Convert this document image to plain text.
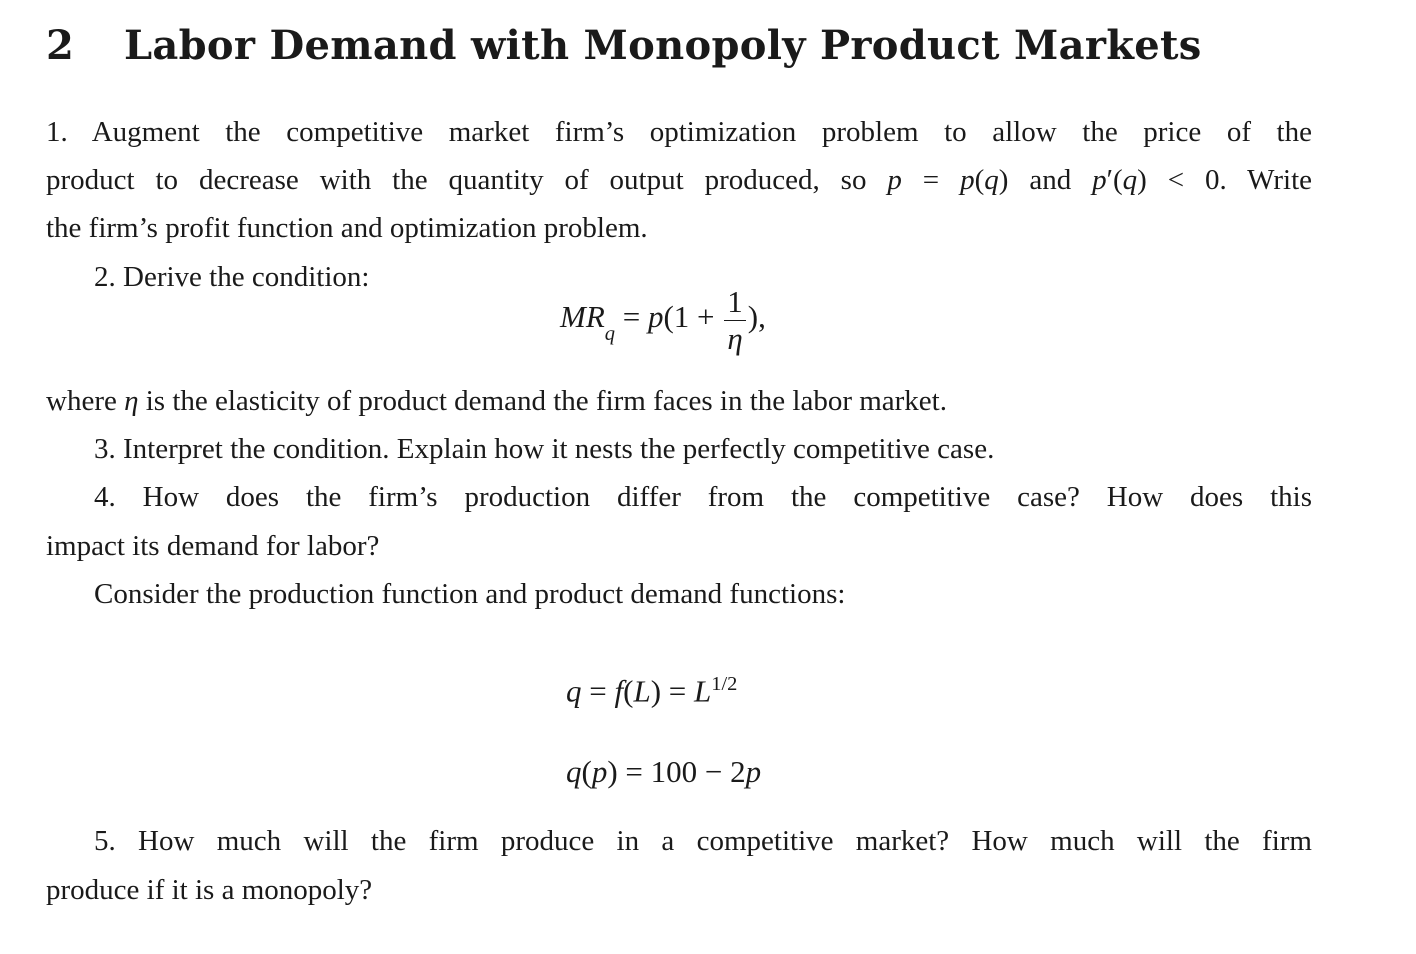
2 Labor Demand with Monopoly Product Markets

1. Augment the competitive market firm’s optimization problem to allow the price of the

product to decrease with the quantity of output produced, so p = p(q) and p′(q) < 0. Write

the firm’s profit function and optimization problem.

2. Derive the condition:

$MR_q = p(1 + \frac{1}{\eta}$ ),

where η is the elasticity of product demand the firm faces in the labor market.

3. Interpret the condition. Explain how it nests the perfectly competitive case.

4. How does the firm’s production differ from the competitive case? How does this

impact its demand for labor?

Consider the production function and product demand functions:

$q = f(L) = L^{1/2}$
q(p) = 100 − 2p

5. How much will the firm produce in a competitive market? How much will the firm

produce if it is a monopoly?
